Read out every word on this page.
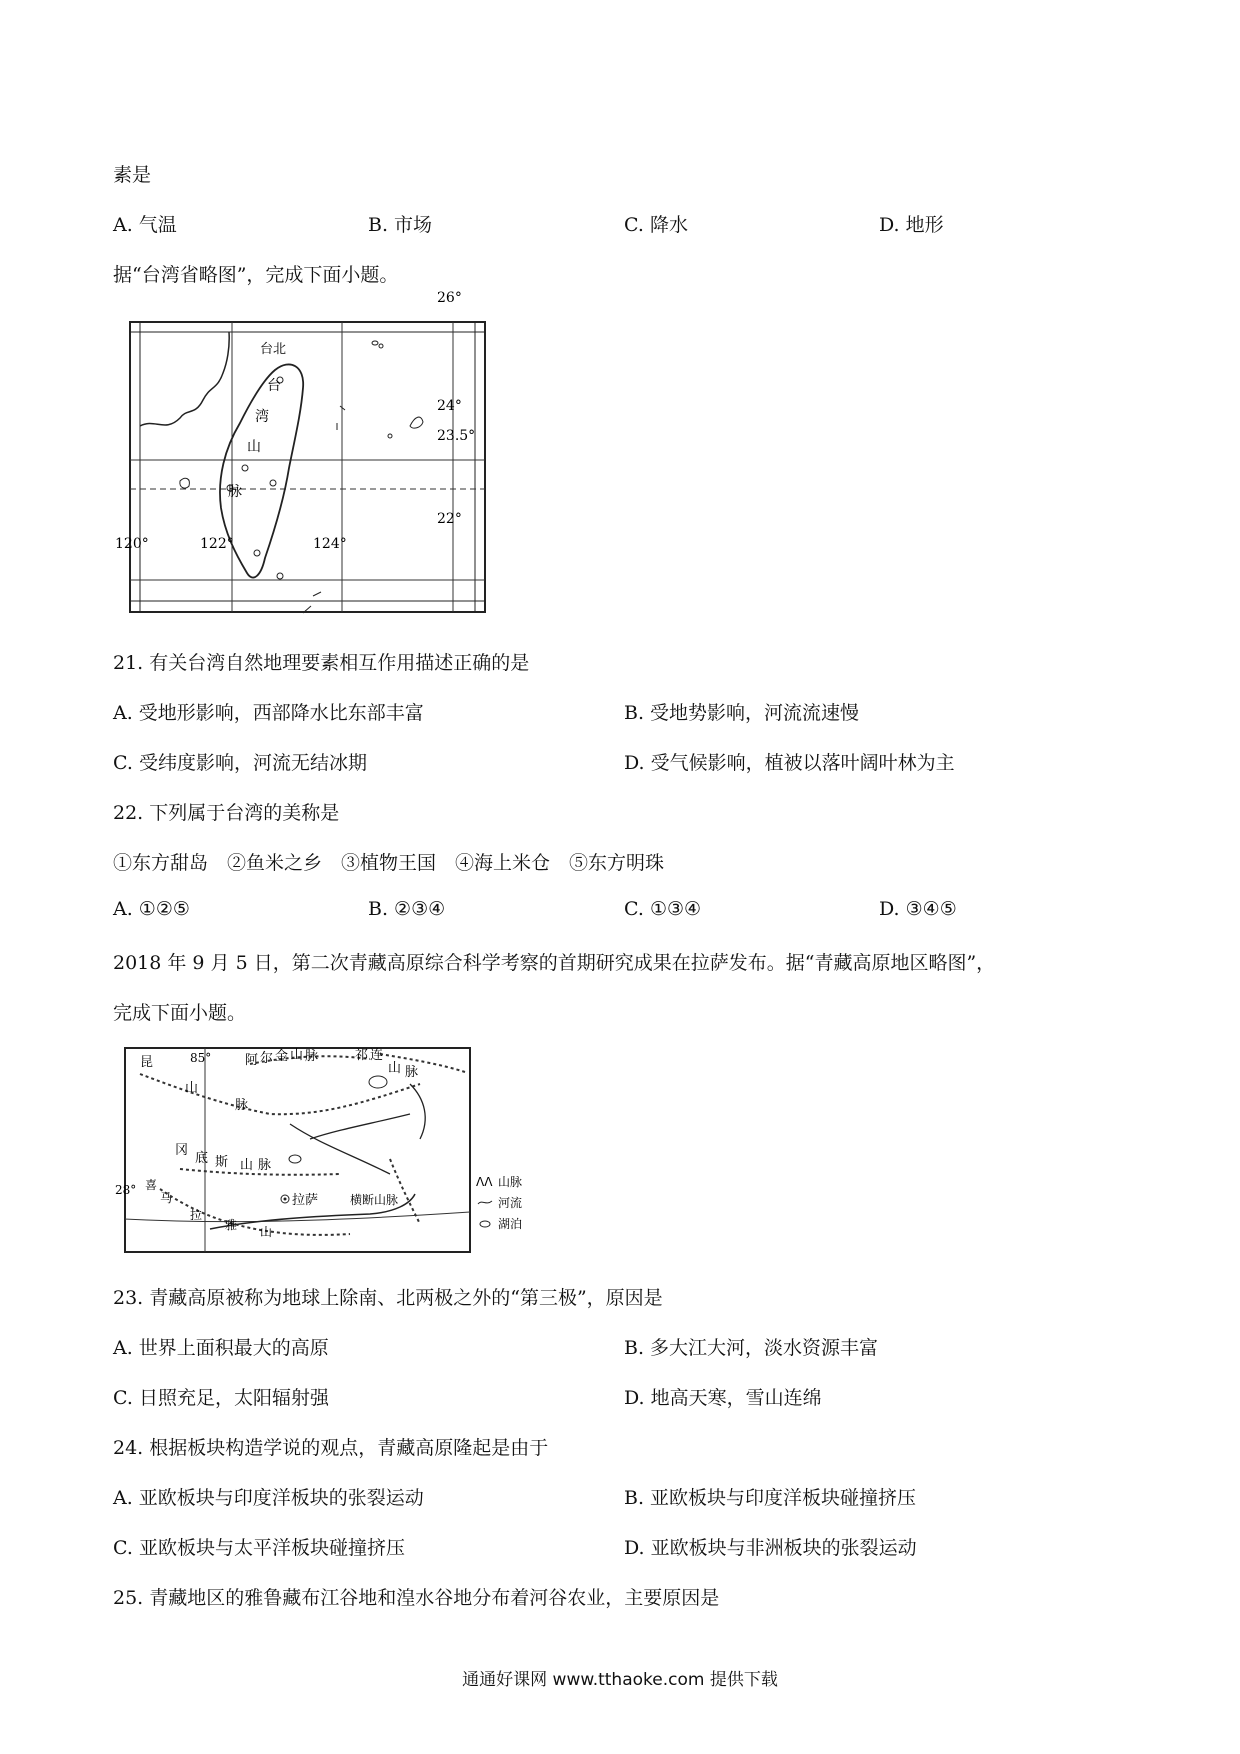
素是
A. 气温	B. 市场	C. 降水	D. 地形
据“台湾省略图”，完成下面小题。
台北
台
湾
山
脉
26°
24°
23.5°
22°
120°	122°	124°
21. 有关台湾自然地理要素相互作用描述正确的是
A. 受地形影响，西部降水比东部丰富	B. 受地势影响，河流流速慢
C. 受纬度影响，河流无结冰期	D. 受气候影响，植被以落叶阔叶林为主
22. 下列属于台湾的美称是
①东方甜岛　②鱼米之乡　③植物王国　④海上米仓　⑤东方明珠
A. ①②⑤	B. ②③④	C. ①③④	D. ③④⑤
2018 年 9 月 5 日，第二次青藏高原综合科学考察的首期研究成果在拉萨发布。据“青藏高原地区略图”，
完成下面小题。
昆	85°
28°
阿 尔 金 山 脉	祁 连
山 脉
山
脉
冈
底 斯 山 脉
拉萨
喜
马
拉
雅 山
横断山脉
ᐱᐱ 山脉
河流
湖泊
23. 青藏高原被称为地球上除南、北两极之外的“第三极”，原因是
A. 世界上面积最大的高原	B. 多大江大河，淡水资源丰富
C. 日照充足，太阳辐射强	D. 地高天寒，雪山连绵
24. 根据板块构造学说的观点，青藏高原隆起是由于
A. 亚欧板块与印度洋板块的张裂运动	B. 亚欧板块与印度洋板块碰撞挤压
C. 亚欧板块与太平洋板块碰撞挤压	D. 亚欧板块与非洲板块的张裂运动
25. 青藏地区的雅鲁藏布江谷地和湟水谷地分布着河谷农业，主要原因是
通通好课网 www.tthaoke.com 提供下载
